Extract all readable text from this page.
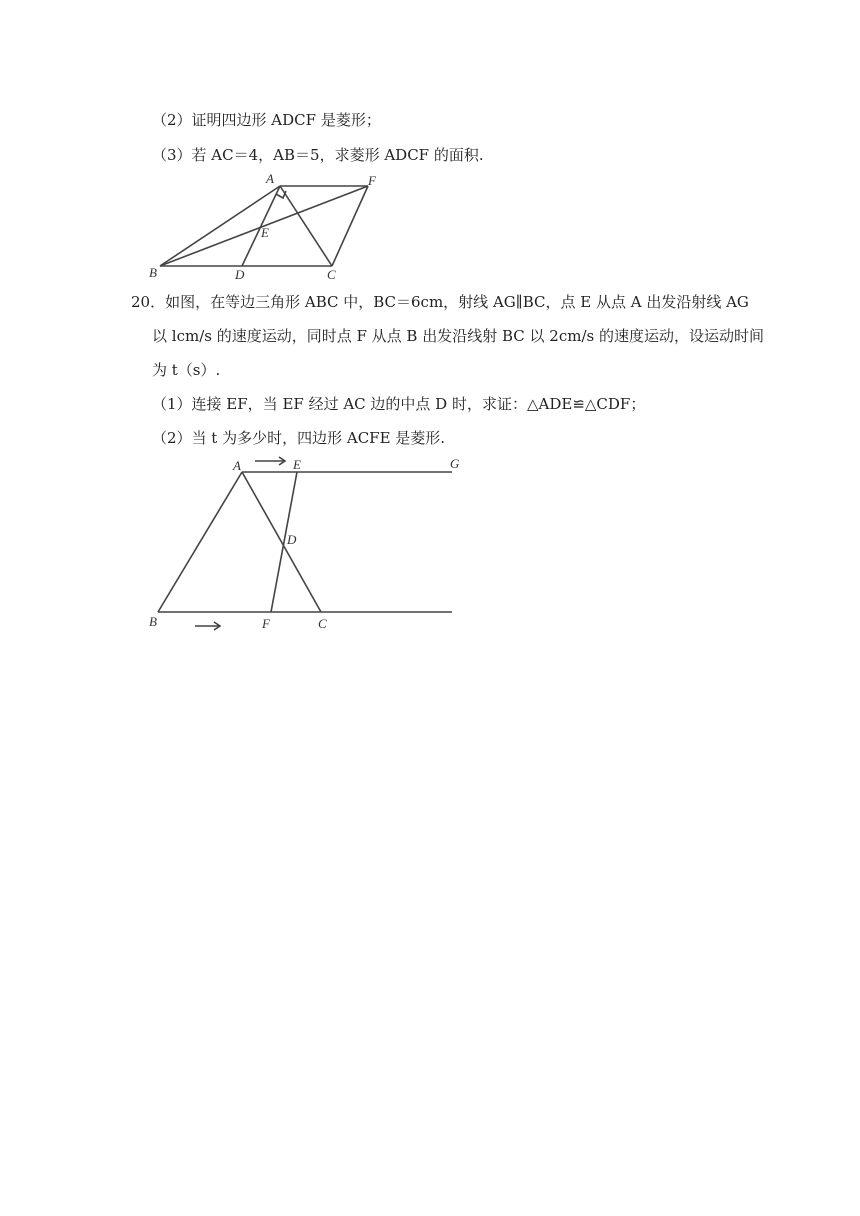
（2）证明四边形 ADCF 是菱形；
（3）若 AC＝4，AB＝5，求菱形 ADCF 的面积.
A	F
E
B	D	C
20．如图，在等边三角形 ABC 中，BC＝6cm，射线 AG∥BC，点 E 从点 A 出发沿射线 AG
以 lcm/s 的速度运动，同时点 F 从点 B 出发沿线射 BC 以 2cm/s 的速度运动，设运动时间
为 t（s）.
（1）连接 EF，当 EF 经过 AC 边的中点 D 时，求证：△ADE≌△CDF；
（2）当 t 为多少时，四边形 ACFE 是菱形.
A	E	G
D
B	F	C
